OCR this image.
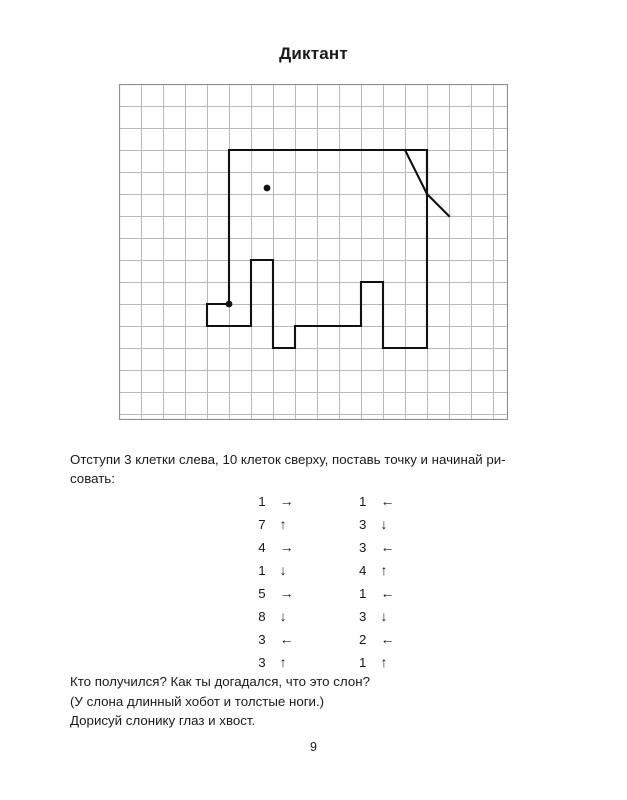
Диктант
Отступи 3 клетки слева, 10 клеток сверху, поставь точку и начинай ри-
совать:
1	→		1	←
7	↑		3	↓
4	→		3	←
1	↓		4	↑
5	→		1	←
8	↓		3	↓
3	←		2	←
3	↑		1	↑
Кто получился? Как ты догадался, что это слон?
(У слона длинный хобот и толстые ноги.)
Дорисуй слонику глаз и хвост.
9
